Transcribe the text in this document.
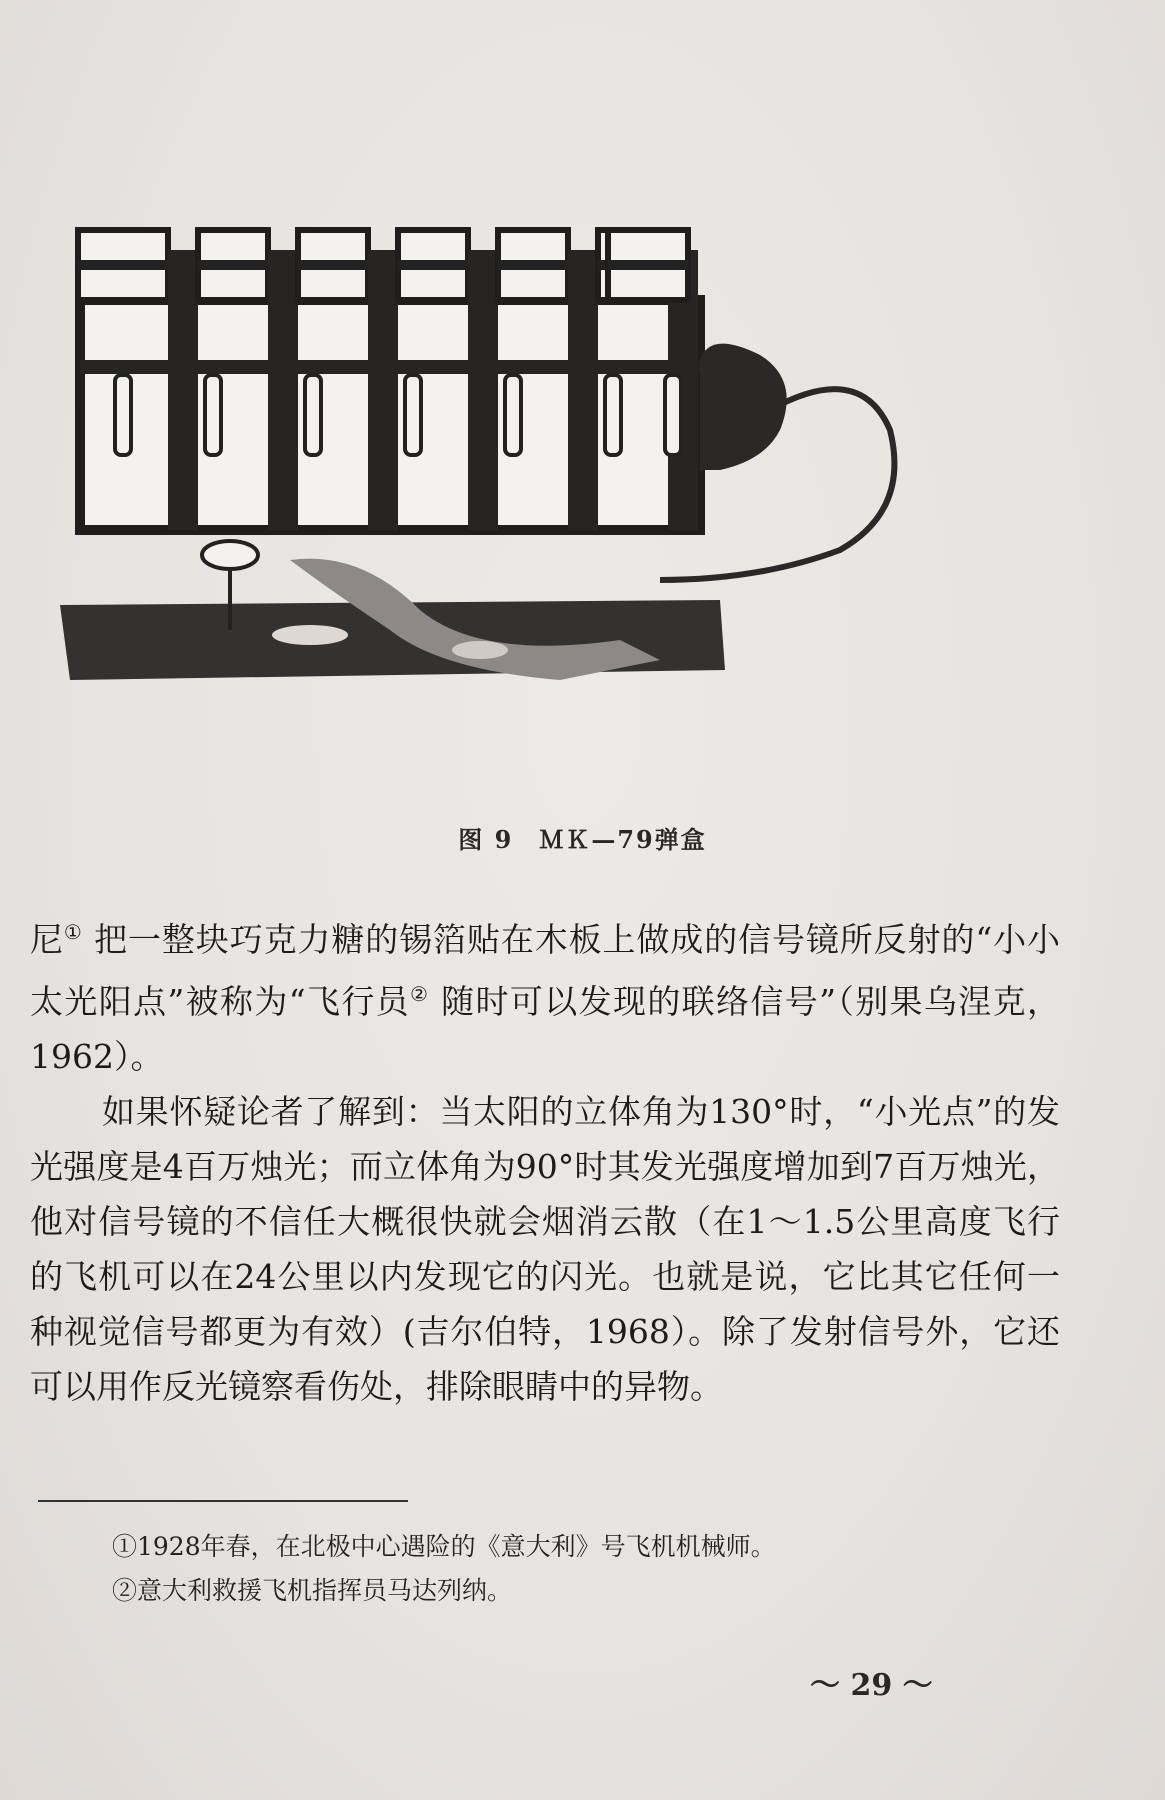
图 9　ＭＫ—79弹盒

尼① 把一整块巧克力糖的锡箔贴在木板上做成的信号镜所反射的“小小太光阳点”被称为“飞行员② 随时可以发现的联络信号”（别果乌涅克，1962）。

如果怀疑论者了解到：当太阳的立体角为130°时，“小光点”的发光强度是4百万烛光；而立体角为90°时其发光强度增加到7百万烛光，他对信号镜的不信任大概很快就会烟消云散（在1～1.5公里高度飞行的飞机可以在24公里以内发现它的闪光。也就是说，它比其它任何一种视觉信号都更为有效）(吉尔伯特，1968）。除了发射信号外，它还可以用作反光镜察看伤处，排除眼睛中的异物。

①1928年春，在北极中心遇险的《意大利》号飞机机械师。
②意大利救援飞机指挥员马达列纳。
～ 29 ～
